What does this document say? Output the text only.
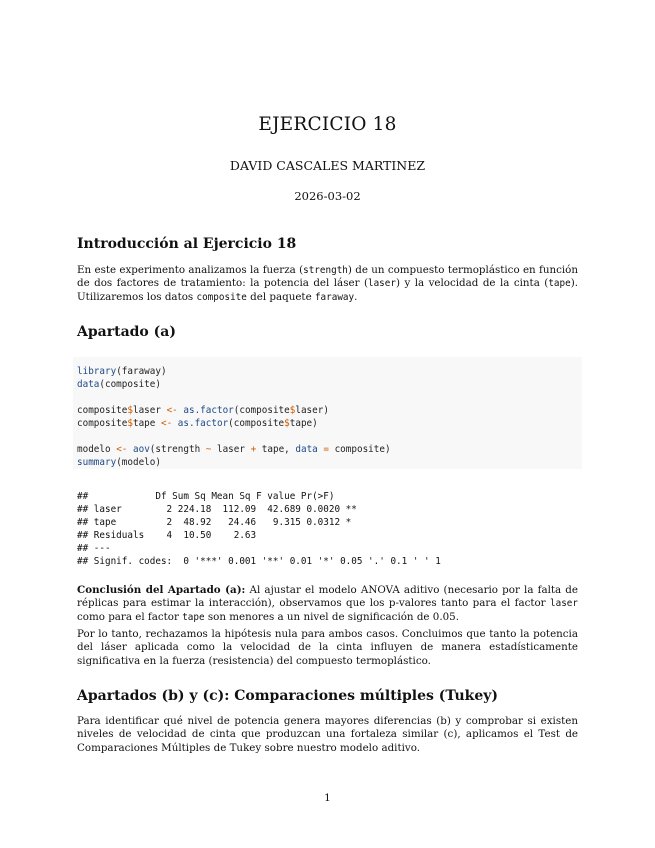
EJERCICIO 18
DAVID CASCALES MARTINEZ
2026-03-02
Introducción al Ejercicio 18

En este experimento analizamos la fuerza (strength) de un compuesto termoplástico en función de dos factores de tratamiento: la potencia del láser (laser) y la velocidad de la cinta (tape). Utilizaremos los datos composite del paquete faraway.

Apartado (a)
library(faraway)
data(composite)
composite$laser <- as.factor(composite$laser)
composite$tape <- as.factor(composite$tape)
modelo <- aov(strength ~ laser + tape, data = composite)
summary(modelo)
##            Df Sum Sq Mean Sq F value Pr(>F)
## laser        2 224.18  112.09  42.689 0.0020 **
## tape         2  48.92   24.46   9.315 0.0312 *
## Residuals    4  10.50    2.63
## ---
## Signif. codes:  0 '***' 0.001 '**' 0.01 '*' 0.05 '.' 0.1 ' ' 1

Conclusión del Apartado (a): Al ajustar el modelo ANOVA aditivo (necesario por la falta de réplicas para estimar la interacción), observamos que los p-valores tanto para el factor laser como para el factor tape son menores a un nivel de significación de 0.05.

Por lo tanto, rechazamos la hipótesis nula para ambos casos. Concluimos que tanto la potencia del láser aplicada como la velocidad de la cinta influyen de manera estadísticamente significativa en la fuerza (resistencia) del compuesto termoplástico.

Apartados (b) y (c): Comparaciones múltiples (Tukey)

Para identificar qué nivel de potencia genera mayores diferencias (b) y comprobar si existen niveles de velocidad de cinta que produzcan una fortaleza similar (c), aplicamos el Test de Comparaciones Múltiples de Tukey sobre nuestro modelo aditivo.

1
